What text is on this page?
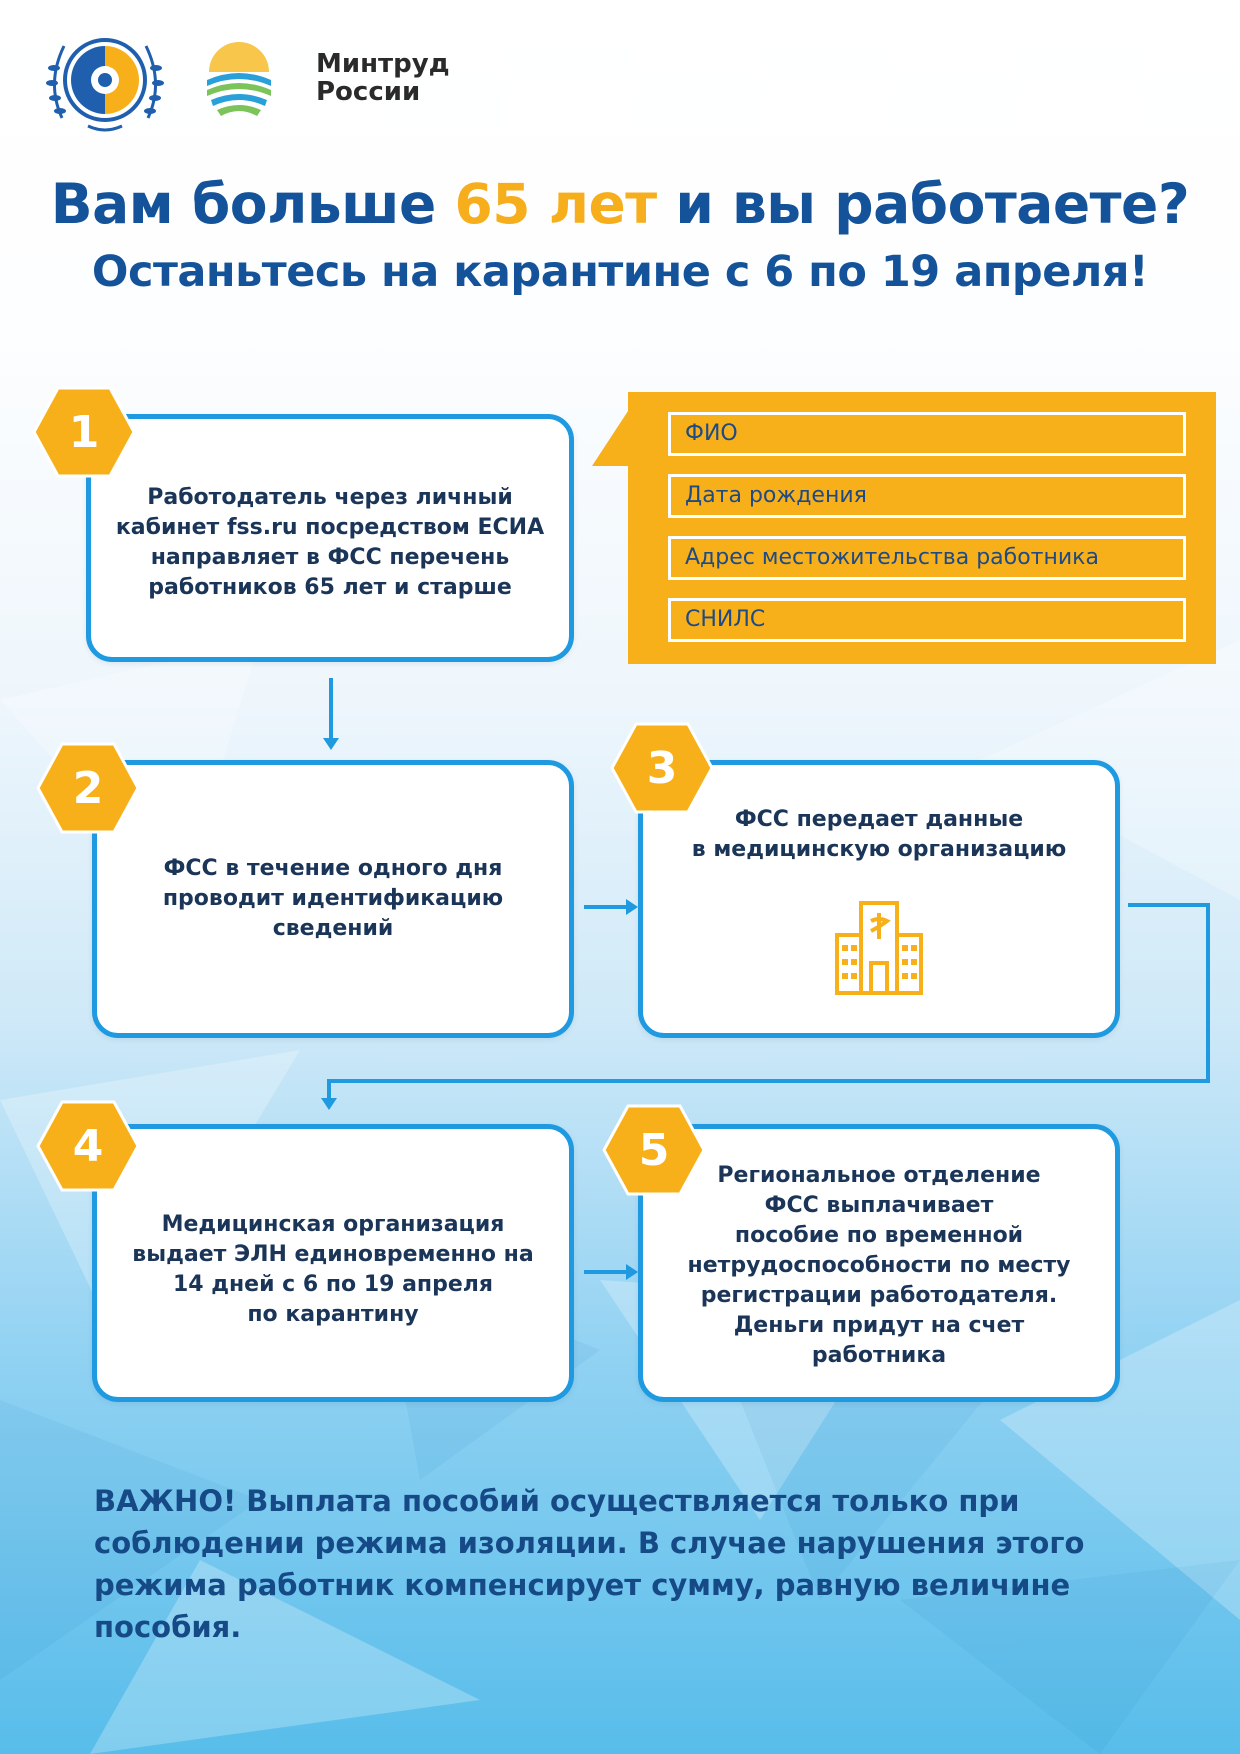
Минтруд
России
Вам больше 65 лет и вы работаете?
Останьтесь на карантине с 6 по 19 апреля!
ФИО
Дата рождения
Адрес местожительства работника
СНИЛС
Работодатель через личный
кабинет fss.ru посредством ЕСИА
направляет в ФСС перечень
работников 65 лет и старше
1
ФСС в течение одного дня
проводит идентификацию
сведений
2
ФСС передает данные
в медицинскую организацию
3
Медицинская организация
выдает ЭЛН единовременно на
14 дней с 6 по 19 апреля
по карантину
4
Региональное отделение
ФСС выплачивает
пособие по временной
нетрудоспособности по месту
регистрации работодателя.
Деньги придут на счет
работника
5
ВАЖНО! Выплата пособий осуществляется только при соблюдении режима изоляции. В случае нарушения этого режима работник компенсирует сумму, равную величине пособия.
